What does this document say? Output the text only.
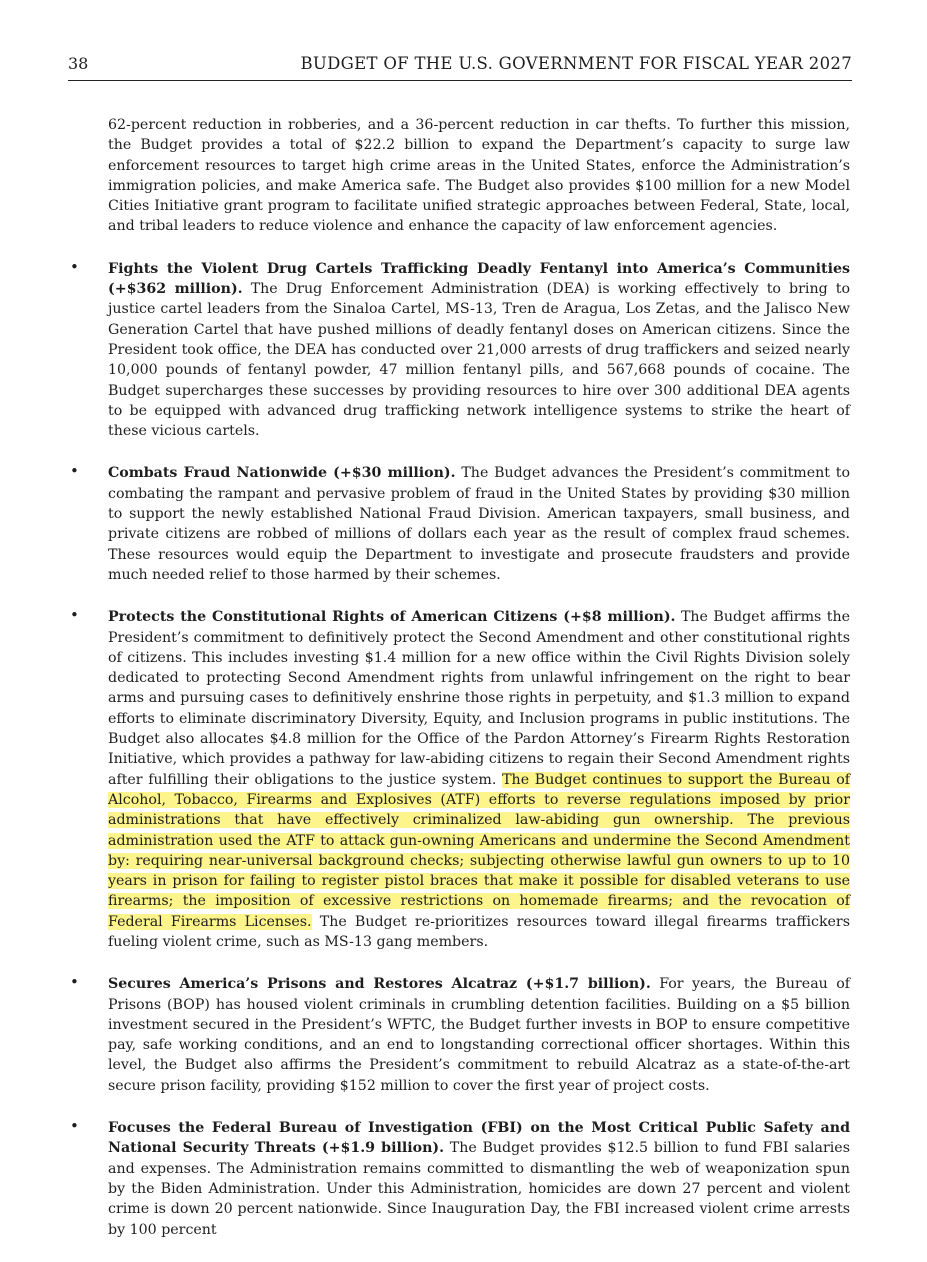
38	BUDGET OF THE U.S. GOVERNMENT FOR FISCAL YEAR 2027

62-percent reduction in robberies, and a 36-percent reduction in car thefts. To further this mission, the Budget provides a total of $22.2 billion to expand the Department’s capacity to surge law enforcement resources to target high crime areas in the United States, enforce the Administration’s immigration policies, and make America safe. The Budget also provides $100 million for a new Model Cities Initiative grant program to facilitate unified strategic approaches between Federal, State, local, and tribal leaders to reduce violence and enhance the capacity of law enforcement agencies.

• Fights the Violent Drug Cartels Trafficking Deadly Fentanyl into America’s Communities (+$362 million). The Drug Enforcement Administration (DEA) is working effectively to bring to justice cartel leaders from the Sinaloa Cartel, MS-13, Tren de Aragua, Los Zetas, and the Jalisco New Generation Cartel that have pushed millions of deadly fentanyl doses on American citizens. Since the President took office, the DEA has conducted over 21,000 arrests of drug traffickers and seized nearly 10,000 pounds of fentanyl powder, 47 million fentanyl pills, and 567,668 pounds of cocaine. The Budget supercharges these successes by providing resources to hire over 300 additional DEA agents to be equipped with advanced drug trafficking network intelligence systems to strike the heart of these vicious cartels.

• Combats Fraud Nationwide (+$30 million). The Budget advances the President’s commitment to combating the rampant and pervasive problem of fraud in the United States by providing $30 million to support the newly established National Fraud Division. American taxpayers, small business, and private citizens are robbed of millions of dollars each year as the result of complex fraud schemes. These resources would equip the Department to investigate and prosecute fraudsters and provide much needed relief to those harmed by their schemes.

• Protects the Constitutional Rights of American Citizens (+$8 million). The Budget affirms the President’s commitment to definitively protect the Second Amendment and other constitutional rights of citizens. This includes investing $1.4 million for a new office within the Civil Rights Division solely dedicated to protecting Second Amendment rights from unlawful infringement on the right to bear arms and pursuing cases to definitively enshrine those rights in perpetuity, and $1.3 million to expand efforts to eliminate discriminatory Diversity, Equity, and Inclusion programs in public institutions. The Budget also allocates $4.8 million for the Office of the Pardon Attorney’s Firearm Rights Restoration Initiative, which provides a pathway for law-abiding citizens to regain their Second Amendment rights after fulfilling their obligations to the justice system. The Budget continues to support the Bureau of Alcohol, Tobacco, Firearms and Explosives (ATF) efforts to reverse regulations imposed by prior administrations that have effectively criminalized law-abiding gun ownership. The previous administration used the ATF to attack gun-owning Americans and undermine the Second Amendment by: requiring near-universal background checks; subjecting otherwise lawful gun owners to up to 10 years in prison for failing to register pistol braces that make it possible for disabled veterans to use firearms; the imposition of excessive restrictions on homemade firearms; and the revocation of Federal Firearms Licenses. The Budget re-prioritizes resources toward illegal firearms traffickers fueling violent crime, such as MS-13 gang members.

• Secures America’s Prisons and Restores Alcatraz (+$1.7 billion). For years, the Bureau of Prisons (BOP) has housed violent criminals in crumbling detention facilities. Building on a $5 billion investment secured in the President’s WFTC, the Budget further invests in BOP to ensure competitive pay, safe working conditions, and an end to longstanding correctional officer shortages. Within this level, the Budget also affirms the President’s commitment to rebuild Alcatraz as a state-of-the-art secure prison facility, providing $152 million to cover the first year of project costs.

• Focuses the Federal Bureau of Investigation (FBI) on the Most Critical Public Safety and National Security Threats (+$1.9 billion). The Budget provides $12.5 billion to fund FBI salaries and expenses. The Administration remains committed to dismantling the web of weaponization spun by the Biden Administration. Under this Administration, homicides are down 27 percent and violent crime is down 20 percent nationwide. Since Inauguration Day, the FBI increased violent crime arrests by 100 percent
